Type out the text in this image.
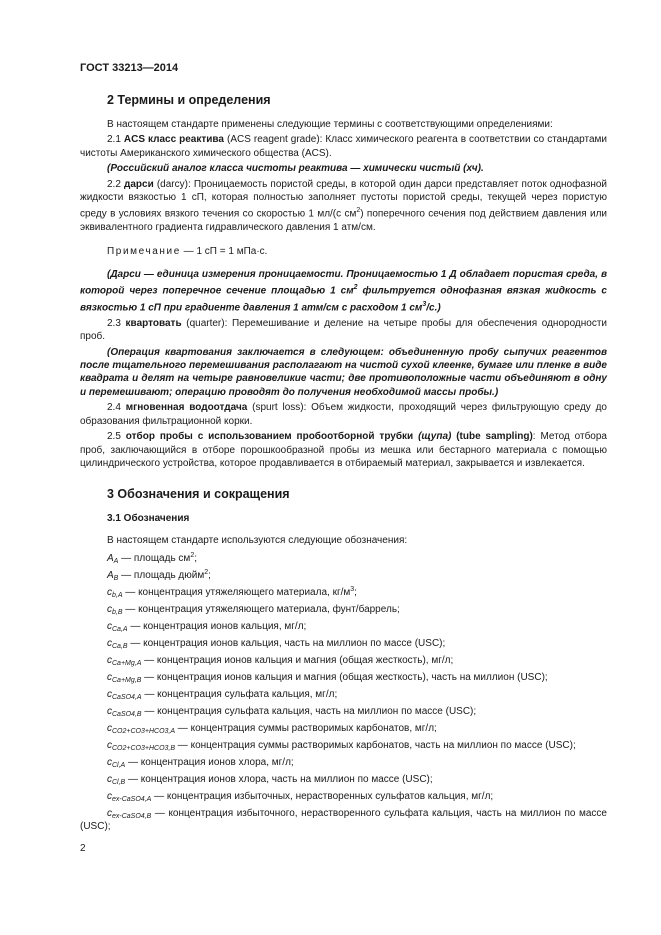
ГОСТ 33213—2014
2 Термины и определения

В настоящем стандарте применены следующие термины с соответствующими определениями:

2.1 ACS класс реактива (ACS reagent grade): Класс химического реагента в соответствии со стандартами чистоты Американского химического общества (ACS).

(Российский аналог класса чистоты реактива — химически чистый (хч).

2.2 дарси (darcy): Проницаемость пористой среды, в которой один дарси представляет поток однофазной жидкости вязкостью 1 сП, которая полностью заполняет пустоты пористой среды, текущей через пористую среду в условиях вязкого течения со скоростью 1 мл/(с $см^2$) поперечного сечения под действием давления или эквивалентного градиента гидравлического давления 1 атм/см.

Примечание — 1 сП = 1 мПа·с.

(Дарси — единица измерения проницаемости. Проницаемостью 1 Д обладает пористая среда, в которой через поперечное сечение площадью 1 $см^2$ фильтруется однофазная вязкая жидкость с вязкостью 1 сП при градиенте давления 1 атм/см с расходом 1 $см^3/с$.)

2.3 квартовать (quarter): Перемешивание и деление на четыре пробы для обеспечения однородности проб.

(Операция квартования заключается в следующем: объединенную пробу сыпучих реагентов после тщательного перемешивания располагают на чистой сухой клеенке, бумаге или пленке в виде квадрата и делят на четыре равновеликие части; две противоположные части объединяют в одну и перемешивают; операцию проводят до получения необходимой массы пробы.)

2.4 мгновенная водоотдача (spurt loss): Объем жидкости, проходящий через фильтрующую среду до образования фильтрационной корки.

2.5 отбор пробы с использованием пробоотборной трубки (щупа) (tube sampling): Метод отбора проб, заключающийся в отборе порошкообразной пробы из мешка или бестарного материала с помощью цилиндрического устройства, которое продавливается в отбираемый материал, закрывается и извлекается.

3 Обозначения и сокращения
3.1 Обозначения

В настоящем стандарте используются следующие обозначения:

$A_A$ — площадь $см^2$;

$A_B$ — площадь дюйм$^2$;

$c_{b,A}$ — концентрация утяжеляющего материала, $кг/м^3$;

$c_{b,B}$ — концентрация утяжеляющего материала, фунт/баррель;

$c_{Ca,A}$ — концентрация ионов кальция, мг/л;

$c_{Ca,B}$ — концентрация ионов кальция, часть на миллион по массе (USC);

$c_{Ca+Mg,A}$ — концентрация ионов кальция и магния (общая жесткость), мг/л;

$c_{Ca+Mg,B}$ — концентрация ионов кальция и магния (общая жесткость), часть на миллион (USC);

$c_{CaSO4,A}$ — концентрация сульфата кальция, мг/л;

$c_{CaSO4,B}$ — концентрация сульфата кальция, часть на миллион по массе (USC);

$c_{CO2+CO3+HCO3,A}$ — концентрация суммы растворимых карбонатов, мг/л;

$c_{CO2+CO3+HCO3,B}$ — концентрация суммы растворимых карбонатов, часть на миллион по массе (USC);

$c_{Cl,A}$ — концентрация ионов хлора, мг/л;

$c_{Cl,B}$ — концентрация ионов хлора, часть на миллион по массе (USC);

$c_{ex-CaSO4,A}$ — концентрация избыточных, нерастворенных сульфатов кальция, мг/л;

$c_{ex-CaSO4,B}$ — концентрация избыточного, нерастворенного сульфата кальция, часть на миллион по массе (USC);

2
